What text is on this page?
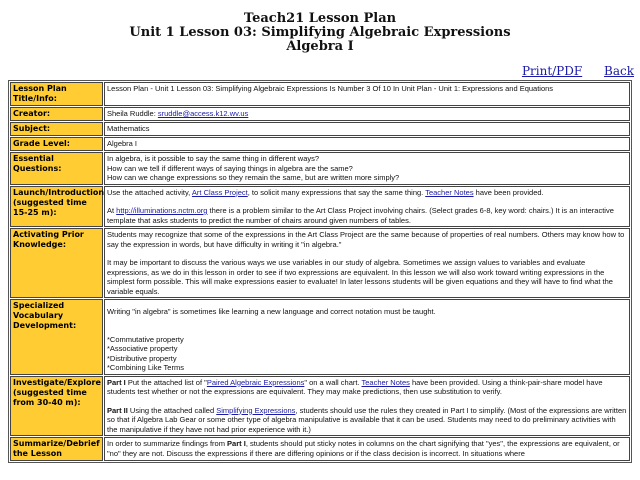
Teach21 Lesson Plan
Unit 1 Lesson 03: Simplifying Algebraic Expressions
Algebra I
Print/PDF Back
Lesson Plan Title/Info:	Lesson Plan - Unit 1 Lesson 03: Simplifying Algebraic Expressions Is Number 3 Of 10 In Unit Plan - Unit 1: Expressions and Equations
Creator:	Sheila Ruddle: sruddle@access.k12.wv.us
Subject:	Mathematics
Grade Level:	Algebra I
Essential Questions:	In algebra, is it possible to say the same thing in different ways?
How can we tell if different ways of saying things in algebra are the same?
How can we change expressions so they remain the same, but are written more simply?

Launch/Introduction (suggested time 15-25 m):	Use the attached activity, Art Class Project, to solicit many expressions that say the same thing. Teacher Notes have been provided.

At http://illuminations.nctm.org there is a problem similar to the Art Class Project involving chairs. (Select grades 6-8, key word: chairs.) It is an interactive template that asks students to predict the number of chairs around given numbers of tables.

Activating Prior Knowledge:	Students may recognize that some of the expressions in the Art Class Project are the same because of properties of real numbers. Others may know how to say the expression in words, but have difficulty in writing it "in algebra."

It may be important to discuss the various ways we use variables in our study of algebra. Sometimes we assign values to variables and evaluate expressions, as we do in this lesson in order to see if two expressions are equivalent. In this lesson we will also work toward writing expressions in the simplest form possible. This will make expressions easier to evaluate! In later lessons students will be given equations and they will have to find what the variable equals.

Specialized Vocabulary Development:	Writing "in algebra" is sometimes like learning a new language and correct notation must be taught.

*Commutative property
*Associative property
*Distributive property
*Combining Like Terms

Investigate/Explore (suggested time from 30-40 m):	Part I Put the attached list of "Paired Algebraic Expressions" on a wall chart. Teacher Notes have been provided. Using a think-pair-share model have students test whether or not the expressions are equivalent. They may make predictions, then use substitution to verify.

Part II Using the attached called Simplifying Expressions, students should use the rules they created in Part I to simplify. (Most of the expressions are written so that if Algebra Lab Gear or some other type of algebra manipulative is available that it can be used. Students may need to do preliminary activities with the manipulative if they have not had prior experience with it.)

Summarize/Debrief the Lesson	In order to summarize findings from Part I, students should put sticky notes in columns on the chart signifying that "yes", the expressions are equivalent, or "no" they are not. Discuss the expressions if there are differing opinions or if the class decision is incorrect. In situations where
